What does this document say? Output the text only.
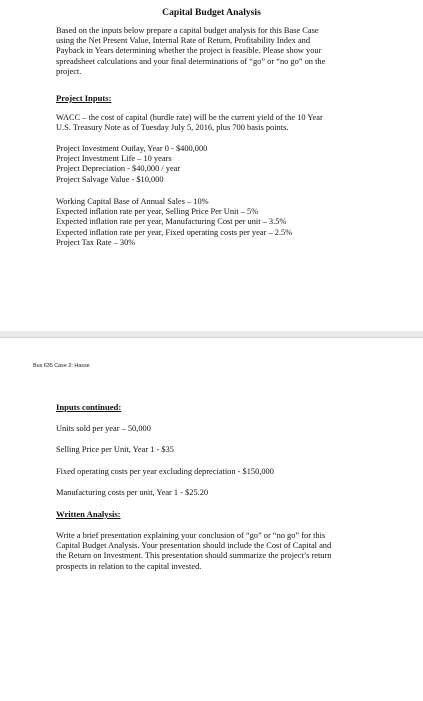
Capital Budget Analysis
Based on the inputs below prepare a capital budget analysis for this Base Case
using the Net Present Value, Internal Rate of Return, Profitability Index and
Payback in Years determining whether the project is feasible. Please show your
spreadsheet calculations and your final determinations of “go” or “no go” on the
project.
Project Inputs:
WACC – the cost of capital (hurdle rate) will be the current yield of the 10 Year
U.S. Treasury Note as of Tuesday July 5, 2016, plus 700 basis points.
Project Investment Outlay, Year 0 - $400,000
Project Investment Life – 10 years
Project Depreciation - $40,000 / year
Project Salvage Value - $10,000
Working Capital Base of Annual Sales – 10%
Expected inflation rate per year, Selling Price Per Unit – 5%
Expected inflation rate per year, Manufacturing Cost per unit – 3.5%
Expected inflation rate per year, Fixed operating costs per year – 2.5%
Project Tax Rate – 30%
Bus 635 Case 2: Hasse
Inputs continued:
Units sold per year – 50,000
Selling Price per Unit, Year 1 - $35
Fixed operating costs per year excluding depreciation - $150,000
Manufacturing costs per unit, Year 1 - $25.20
Written Analysis:
Write a brief presentation explaining your conclusion of “go” or “no go” for this
Capital Budget Analysis. Your presentation should include the Cost of Capital and
the Return on Investment. This presentation should summarize the project’s return
prospects in relation to the capital invested.
